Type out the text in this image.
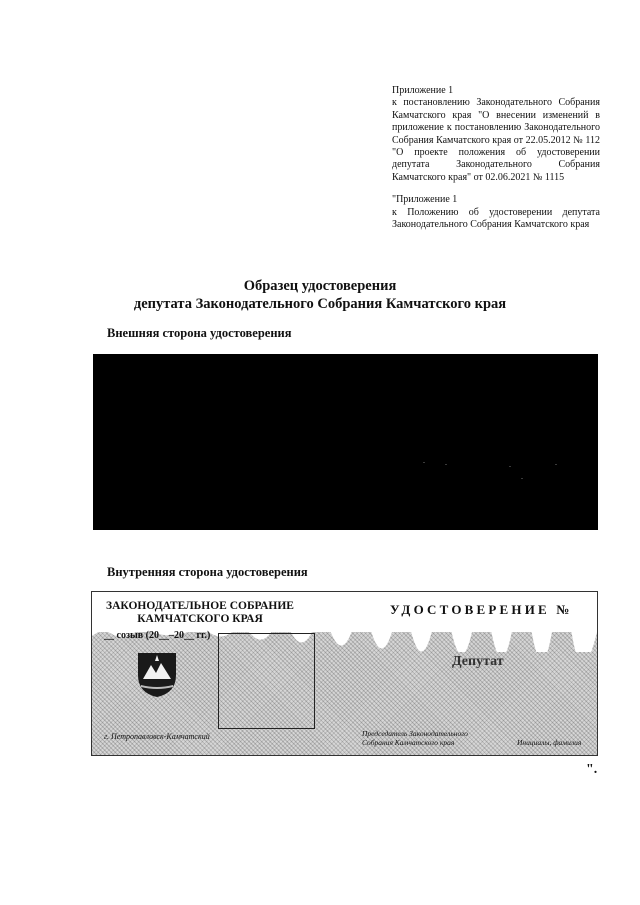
Приложение 1

к постановлению Законодательного Собрания Камчатского края "О внесении изменений в приложение к постановлению Законодательного Собрания Камчатского края от 22.05.2012 № 112 "О проекте положения об удостоверении депутата Законодательного Собрания Камчатского края" от 02.06.2021 № 1115

"Приложение 1

к Положению об удостоверении депутата Законодательного Собрания Камчатского края

Образец удостоверения
депутата Законодательного Собрания Камчатского края
Внешняя сторона удостоверения
Внутренняя сторона удостоверения
ЗАКОНОДАТЕЛЬНОЕ СОБРАНИЕ
КАМЧАТСКОГО КРАЯ
__ созыв (20__–20__ гг.)
г. Петропавловск-Камчатский
УДОСТОВЕРЕНИЕ №
Депутат
Председатель Законодательного
Собрания Камчатского края	Инициалы, фамилия
".
